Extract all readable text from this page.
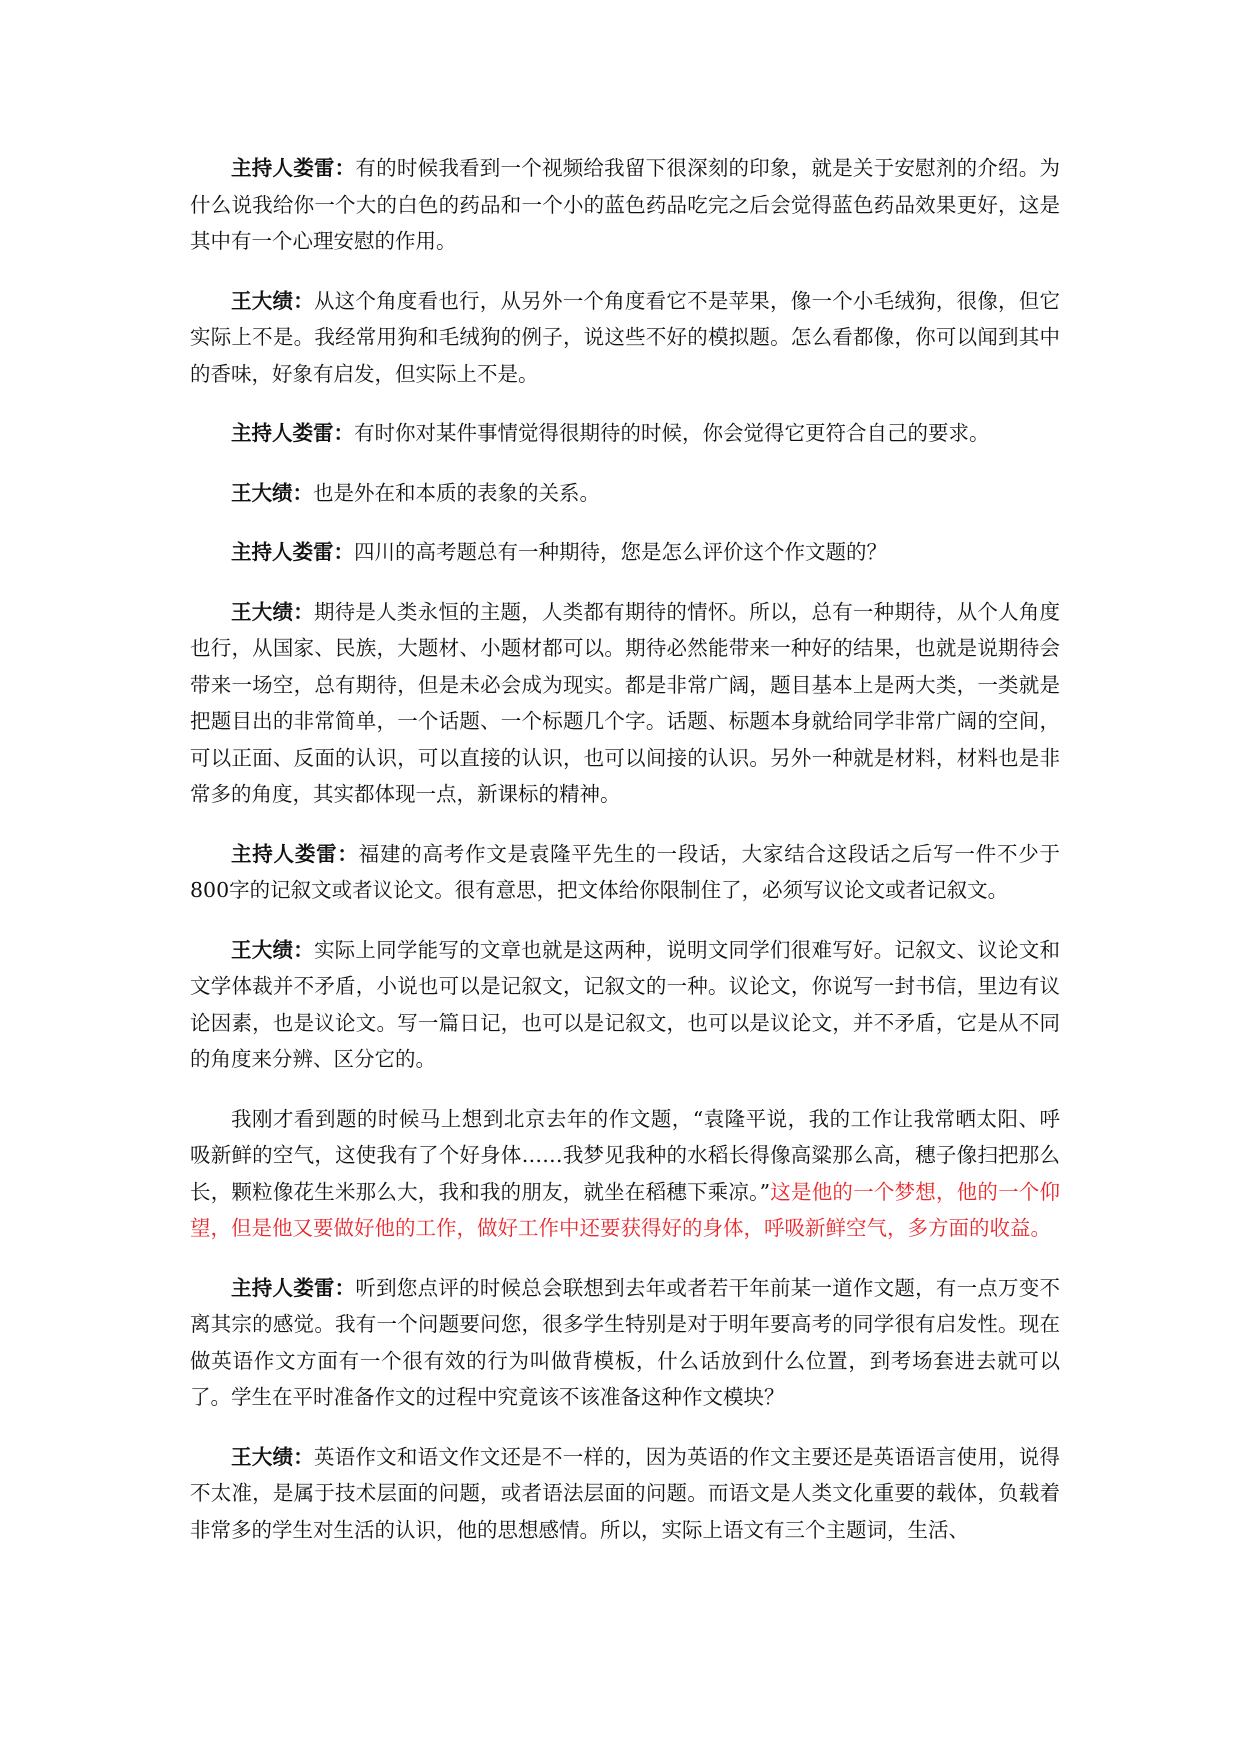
主持人娄雷：有的时候我看到一个视频给我留下很深刻的印象，就是关于安慰剂的介绍。为什么说我给你一个大的白色的药品和一个小的蓝色药品吃完之后会觉得蓝色药品效果更好，这是其中有一个心理安慰的作用。

王大绩：从这个角度看也行，从另外一个角度看它不是苹果，像一个小毛绒狗，很像，但它实际上不是。我经常用狗和毛绒狗的例子，说这些不好的模拟题。怎么看都像，你可以闻到其中的香味，好象有启发，但实际上不是。

主持人娄雷：有时你对某件事情觉得很期待的时候，你会觉得它更符合自己的要求。

王大绩：也是外在和本质的表象的关系。

主持人娄雷：四川的高考题总有一种期待，您是怎么评价这个作文题的？

王大绩：期待是人类永恒的主题，人类都有期待的情怀。所以，总有一种期待，从个人角度也行，从国家、民族，大题材、小题材都可以。期待必然能带来一种好的结果，也就是说期待会带来一场空，总有期待，但是未必会成为现实。都是非常广阔，题目基本上是两大类，一类就是把题目出的非常简单，一个话题、一个标题几个字。话题、标题本身就给同学非常广阔的空间，可以正面、反面的认识，可以直接的认识，也可以间接的认识。另外一种就是材料，材料也是非常多的角度，其实都体现一点，新课标的精神。

主持人娄雷：福建的高考作文是袁隆平先生的一段话，大家结合这段话之后写一件不少于800字的记叙文或者议论文。很有意思，把文体给你限制住了，必须写议论文或者记叙文。

王大绩：实际上同学能写的文章也就是这两种，说明文同学们很难写好。记叙文、议论文和文学体裁并不矛盾，小说也可以是记叙文，记叙文的一种。议论文，你说写一封书信，里边有议论因素，也是议论文。写一篇日记，也可以是记叙文，也可以是议论文，并不矛盾，它是从不同的角度来分辨、区分它的。

我刚才看到题的时候马上想到北京去年的作文题，“袁隆平说，我的工作让我常晒太阳、呼吸新鲜的空气，这使我有了个好身体……我梦见我种的水稻长得像高粱那么高，穗子像扫把那么长，颗粒像花生米那么大，我和我的朋友，就坐在稻穗下乘凉。”这是他的一个梦想，他的一个仰望，但是他又要做好他的工作，做好工作中还要获得好的身体，呼吸新鲜空气，多方面的收益。

主持人娄雷：听到您点评的时候总会联想到去年或者若干年前某一道作文题，有一点万变不离其宗的感觉。我有一个问题要问您，很多学生特别是对于明年要高考的同学很有启发性。现在做英语作文方面有一个很有效的行为叫做背模板，什么话放到什么位置，到考场套进去就可以了。学生在平时准备作文的过程中究竟该不该准备这种作文模块？

王大绩：英语作文和语文作文还是不一样的，因为英语的作文主要还是英语语言使用，说得不太准，是属于技术层面的问题，或者语法层面的问题。而语文是人类文化重要的载体，负载着非常多的学生对生活的认识，他的思想感情。所以，实际上语文有三个主题词，生活、
